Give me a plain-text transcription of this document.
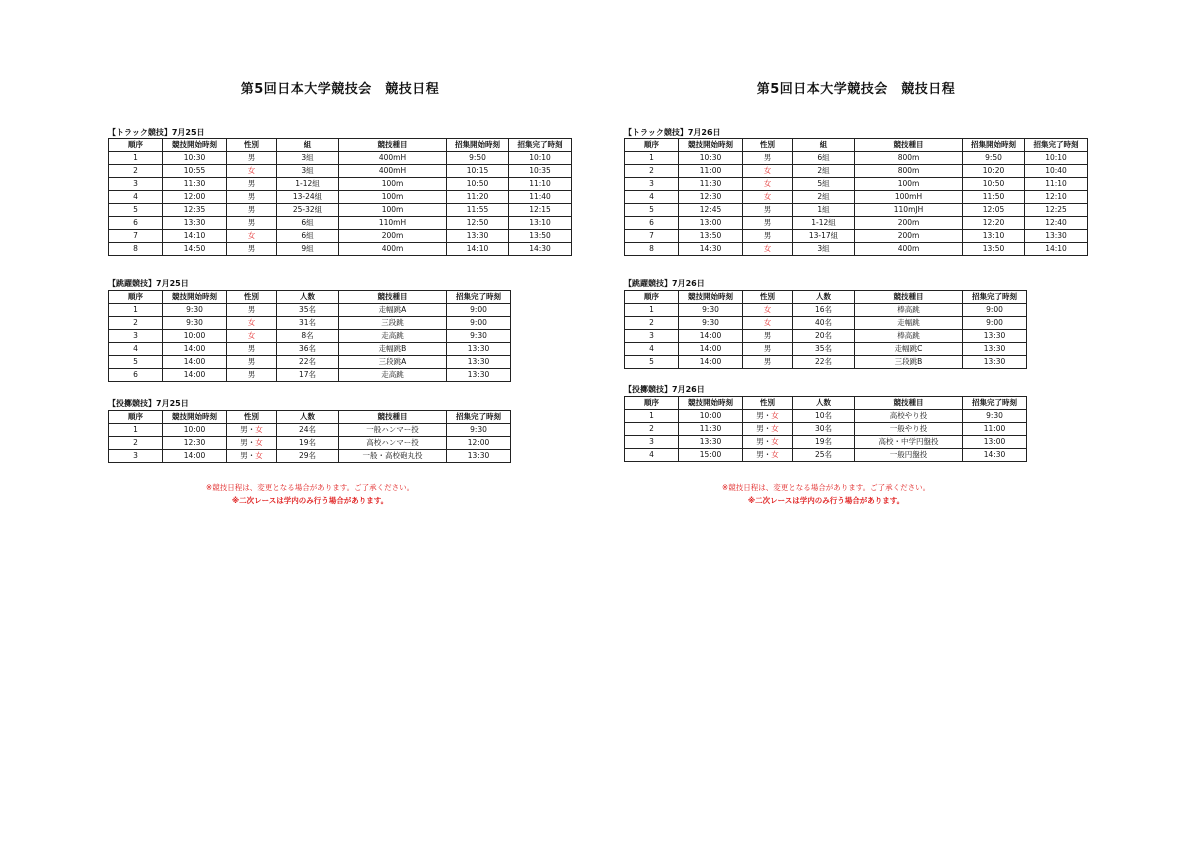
第5回日本大学競技会　競技日程
【トラック競技】7月25日
順序	競技開始時刻	性別	組	競技種目	招集開始時刻	招集完了時刻
1	10:30	男	3組	400mH	9:50	10:10
2	10:55	女	3組	400mH	10:15	10:35
3	11:30	男	1-12組	100m	10:50	11:10
4	12:00	男	13-24組	100m	11:20	11:40
5	12:35	男	25-32組	100m	11:55	12:15
6	13:30	男	6組	110mH	12:50	13:10
7	14:10	女	6組	200m	13:30	13:50
8	14:50	男	9組	400m	14:10	14:30
【跳躍競技】7月25日
順序	競技開始時刻	性別	人数	競技種目	招集完了時刻
1	9:30	男	35名	走幅跳A	9:00
2	9:30	女	31名	三段跳	9:00
3	10:00	女	8名	走高跳	9:30
4	14:00	男	36名	走幅跳B	13:30
5	14:00	男	22名	三段跳A	13:30
6	14:00	男	17名	走高跳	13:30
【投擲競技】7月25日
順序	競技開始時刻	性別	人数	競技種目	招集完了時刻
1	10:00	男・女	24名	一般ハンマー投	9:30
2	12:30	男・女	19名	高校ハンマー投	12:00
3	14:00	男・女	29名	一般・高校砲丸投	13:30
※競技日程は、変更となる場合があります。ご了承ください。
※二次レースは学内のみ行う場合があります。
第5回日本大学競技会　競技日程
【トラック競技】7月26日
順序	競技開始時刻	性別	組	競技種目	招集開始時刻	招集完了時刻
1	10:30	男	6組	800m	9:50	10:10
2	11:00	女	2組	800m	10:20	10:40
3	11:30	女	5組	100m	10:50	11:10
4	12:30	女	2組	100mH	11:50	12:10
5	12:45	男	1組	110mJH	12:05	12:25
6	13:00	男	1-12組	200m	12:20	12:40
7	13:50	男	13-17組	200m	13:10	13:30
8	14:30	女	3組	400m	13:50	14:10
【跳躍競技】7月26日
順序	競技開始時刻	性別	人数	競技種目	招集完了時刻
1	9:30	女	16名	棒高跳	9:00
2	9:30	女	40名	走幅跳	9:00
3	14:00	男	20名	棒高跳	13:30
4	14:00	男	35名	走幅跳C	13:30
5	14:00	男	22名	三段跳B	13:30
【投擲競技】7月26日
順序	競技開始時刻	性別	人数	競技種目	招集完了時刻
1	10:00	男・女	10名	高校やり投	9:30
2	11:30	男・女	30名	一般やり投	11:00
3	13:30	男・女	19名	高校・中学円盤投	13:00
4	15:00	男・女	25名	一般円盤投	14:30
※競技日程は、変更となる場合があります。ご了承ください。
※二次レースは学内のみ行う場合があります。
